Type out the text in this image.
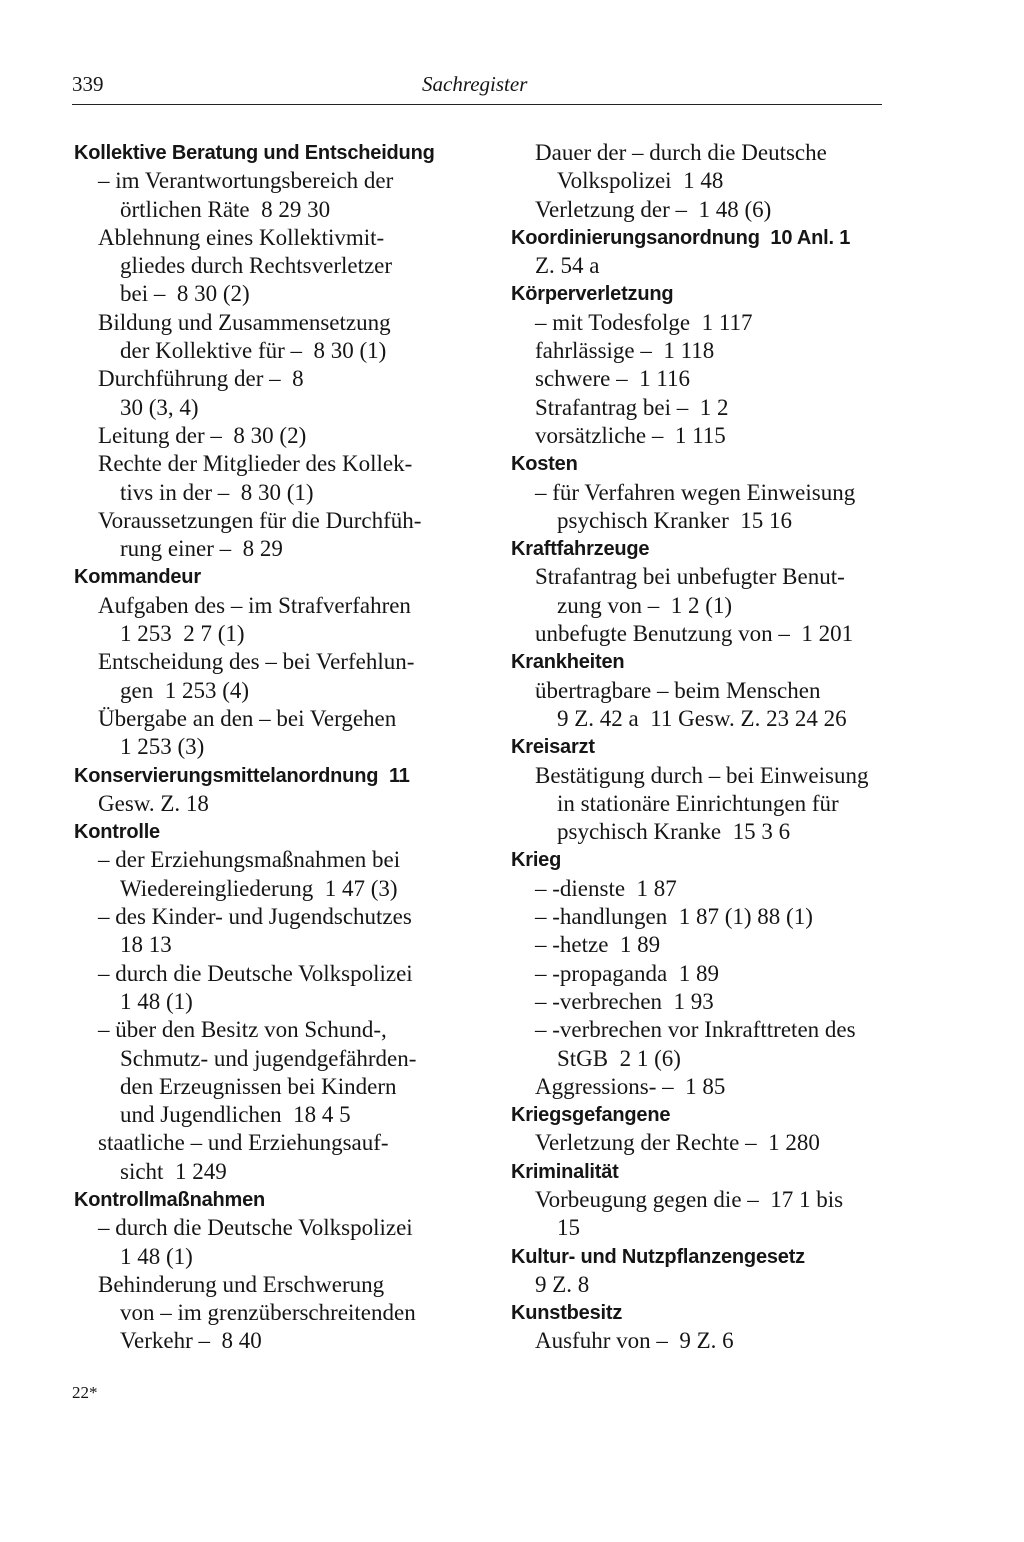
339	Sachregister
Kollektive Beratung und Entscheidung
– im Verantwortungsbereich der
örtlichen Räte  8 29 30
Ablehnung eines Kollektivmit-
gliedes durch Rechtsverletzer
bei –  8 30 (2)
Bildung und Zusammensetzung
der Kollektive für –  8 30 (1)
Durchführung der –  8
30 (3, 4)
Leitung der –  8 30 (2)
Rechte der Mitglieder des Kollek-
tivs in der –  8 30 (1)
Voraussetzungen für die Durchfüh-
rung einer –  8 29
Kommandeur
Aufgaben des – im Strafverfahren
1 253  2 7 (1)
Entscheidung des – bei Verfehlun-
gen  1 253 (4)
Übergabe an den – bei Vergehen
1 253 (3)
Konservierungsmittelanordnung  11
Gesw. Z. 18
Kontrolle
– der Erziehungsmaßnahmen bei
Wiedereingliederung  1 47 (3)
– des Kinder- und Jugendschutzes
18 13
– durch die Deutsche Volkspolizei
1 48 (1)
– über den Besitz von Schund-,
Schmutz- und jugendgefährden-
den Erzeugnissen bei Kindern
und Jugendlichen  18 4 5
staatliche – und Erziehungsauf-
sicht  1 249
Kontrollmaßnahmen
– durch die Deutsche Volkspolizei
1 48 (1)
Behinderung und Erschwerung
von – im grenzüberschreitenden
Verkehr –  8 40
Dauer der – durch die Deutsche
Volkspolizei  1 48
Verletzung der –  1 48 (6)
Koordinierungsanordnung  10 Anl. 1
Z. 54 a
Körperverletzung
– mit Todesfolge  1 117
fahrlässige –  1 118
schwere –  1 116
Strafantrag bei –  1 2
vorsätzliche –  1 115
Kosten
– für Verfahren wegen Einweisung
psychisch Kranker  15 16
Kraftfahrzeuge
Strafantrag bei unbefugter Benut-
zung von –  1 2 (1)
unbefugte Benutzung von –  1 201
Krankheiten
übertragbare – beim Menschen
9 Z. 42 a  11 Gesw. Z. 23 24 26
Kreisarzt
Bestätigung durch – bei Einweisung
in stationäre Einrichtungen für
psychisch Kranke  15 3 6
Krieg
– -dienste  1 87
– -handlungen  1 87 (1) 88 (1)
– -hetze  1 89
– -propaganda  1 89
– -verbrechen  1 93
– -verbrechen vor Inkrafttreten des
StGB  2 1 (6)
Aggressions- –  1 85
Kriegsgefangene
Verletzung der Rechte –  1 280
Kriminalität
Vorbeugung gegen die –  17 1 bis
15
Kultur- und Nutzpflanzengesetz
9 Z. 8
Kunstbesitz
Ausfuhr von –  9 Z. 6
22*
